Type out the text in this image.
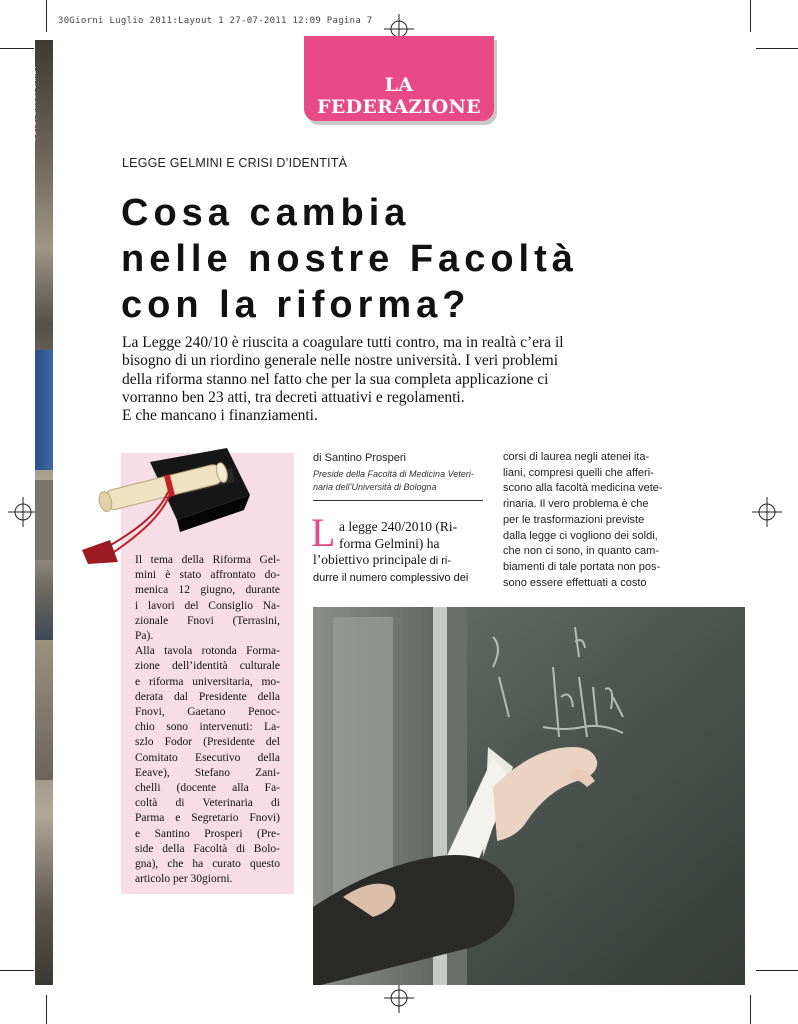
30Giorni Luglio 2011:Layout 1 27-07-2011 12:09 Pagina 7
FOTO: SARAH CAREY	LA FEDERAZIONE
LEGGE GELMINI E CRISI D’IDENTITÀ
Cosa cambia
nelle nostre Facoltà
con la riforma?

La Legge 240/10 è riuscita a coagulare tutti contro, ma in realtà c’era il
bisogno di un riordino generale nelle nostre università. I veri problemi
della riforma stanno nel fatto che per la sua completa applicazione ci
vorranno ben 23 atti, tra decreti attuativi e regolamenti.
E che mancano i finanziamenti.

Il tema della Riforma Gel-
mini è stato affrontato do-
menica 12 giugno, durante
i lavori del Consiglio Na-
zionale Fnovi (Terrasini,
Pa).
Alla tavola rotonda Forma-
zione dell’identità culturale
e riforma universitaria, mo-
derata dal Presidente della
Fnovi, Gaetano Penoc-
chio sono intervenuti: La-
szlo Fodor (Presidente del
Comitato Esecutivo della
Eeave), Stefano Zani-
chelli (docente alla Fa-
coltà di Veterinaria di
Parma e Segretario Fnovi)
e Santino Prosperi (Pre-
side della Facoltà di Bolo-
gna), che ha curato questo
articolo per 30giorni.
di Santino Prosperi
Preside della Facoltà di Medicina Veteri-
naria dell’Università di Bologna
L a legge 240/2010 (Ri-
forma Gelmini) ha
l’obiettivo principale di ri-
durre il numero complessivo dei
corsi di laurea negli atenei ita-
liani, compresi quelli che afferi-
scono alla facoltà medicina vete-
rinaria. Il vero problema è che
per le trasformazioni previste
dalla legge ci vogliono dei soldi,
che non ci sono, in quanto cam-
biamenti di tale portata non pos-
sono essere effettuati a costo
